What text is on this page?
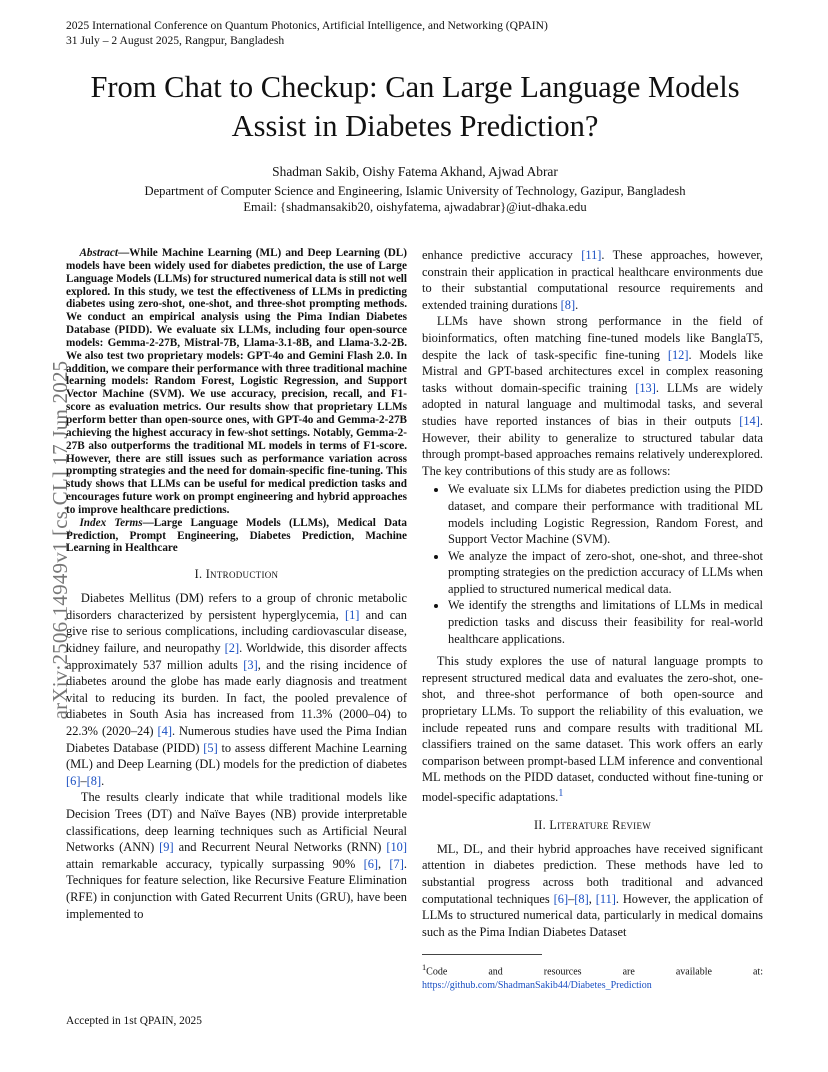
2025 International Conference on Quantum Photonics, Artificial Intelligence, and Networking (QPAIN)
31 July – 2 August 2025, Rangpur, Bangladesh
arXiv:2506.14949v1 [cs.CL] 17 Jun 2025
From Chat to Checkup: Can Large Language Models Assist in Diabetes Prediction?
Shadman Sakib, Oishy Fatema Akhand, Ajwad Abrar
Department of Computer Science and Engineering, Islamic University of Technology, Gazipur, Bangladesh
Email: {shadmansakib20, oishyfatema, ajwadabrar}@iut-dhaka.edu

Abstract—While Machine Learning (ML) and Deep Learning (DL) models have been widely used for diabetes prediction, the use of Large Language Models (LLMs) for structured numerical data is still not well explored. In this study, we test the effectiveness of LLMs in predicting diabetes using zero-shot, one-shot, and three-shot prompting methods. We conduct an empirical analysis using the Pima Indian Diabetes Database (PIDD). We evaluate six LLMs, including four open-source models: Gemma-2-27B, Mistral-7B, Llama-3.1-8B, and Llama-3.2-2B. We also test two proprietary models: GPT-4o and Gemini Flash 2.0. In addition, we compare their performance with three traditional machine learning models: Random Forest, Logistic Regression, and Support Vector Machine (SVM). We use accuracy, precision, recall, and F1-score as evaluation metrics. Our results show that proprietary LLMs perform better than open-source ones, with GPT-4o and Gemma-2-27B achieving the highest accuracy in few-shot settings. Notably, Gemma-2-27B also outperforms the traditional ML models in terms of F1-score. However, there are still issues such as performance variation across prompting strategies and the need for domain-specific fine-tuning. This study shows that LLMs can be useful for medical prediction tasks and encourages future work on prompt engineering and hybrid approaches to improve healthcare predictions.

Index Terms—Large Language Models (LLMs), Medical Data Prediction, Prompt Engineering, Diabetes Prediction, Machine Learning in Healthcare

I. Introduction

Diabetes Mellitus (DM) refers to a group of chronic metabolic disorders characterized by persistent hyperglycemia, [1] and can give rise to serious complications, including cardiovascular disease, kidney failure, and neuropathy [2]. Worldwide, this disorder affects approximately 537 million adults [3], and the rising incidence of diabetes around the globe has made early diagnosis and treatment vital to reducing its burden. In fact, the pooled prevalence of diabetes in South Asia has increased from 11.3% (2000–04) to 22.3% (2020–24) [4]. Numerous studies have used the Pima Indian Diabetes Database (PIDD) [5] to assess different Machine Learning (ML) and Deep Learning (DL) models for the prediction of diabetes [6]–[8].

The results clearly indicate that while traditional models like Decision Trees (DT) and Naïve Bayes (NB) provide interpretable classifications, deep learning techniques such as Artificial Neural Networks (ANN) [9] and Recurrent Neural Networks (RNN) [10] attain remarkable accuracy, typically surpassing 90% [6], [7]. Techniques for feature selection, like Recursive Feature Elimination (RFE) in conjunction with Gated Recurrent Units (GRU), have been implemented to

enhance predictive accuracy [11]. These approaches, however, constrain their application in practical healthcare environments due to their substantial computational resource requirements and extended training durations [8].

LLMs have shown strong performance in the field of bioinformatics, often matching fine-tuned models like BanglaT5, despite the lack of task-specific fine-tuning [12]. Models like Mistral and GPT-based architectures excel in complex reasoning tasks without domain-specific training [13]. LLMs are widely adopted in natural language and multimodal tasks, and several studies have reported instances of bias in their outputs [14]. However, their ability to generalize to structured tabular data through prompt-based approaches remains relatively underexplored. The key contributions of this study are as follows:

• We evaluate six LLMs for diabetes prediction using the PIDD dataset, and compare their performance with traditional ML models including Logistic Regression, Random Forest, and Support Vector Machine (SVM).
• We analyze the impact of zero-shot, one-shot, and three-shot prompting strategies on the prediction accuracy of LLMs when applied to structured numerical medical data.
• We identify the strengths and limitations of LLMs in medical prediction tasks and discuss their feasibility for real-world healthcare applications.

This study explores the use of natural language prompts to represent structured medical data and evaluates the zero-shot, one-shot, and three-shot performance of both open-source and proprietary LLMs. To support the reliability of this evaluation, we include repeated runs and compare results with traditional ML classifiers trained on the same dataset. This work offers an early comparison between prompt-based LLM inference and conventional ML methods on the PIDD dataset, conducted without fine-tuning or model-specific adaptations.$^1$

II. Literature Review

ML, DL, and their hybrid approaches have received significant attention in diabetes prediction. These methods have led to substantial progress across both traditional and advanced computational techniques [6]–[8], [11]. However, the application of LLMs to structured numerical data, particularly in medical domains such as the Pima Indian Diabetes Dataset

$^1$Code and resources are available at: https://github.com/ShadmanSakib44/Diabetes_Prediction

Accepted in 1st QPAIN, 2025
